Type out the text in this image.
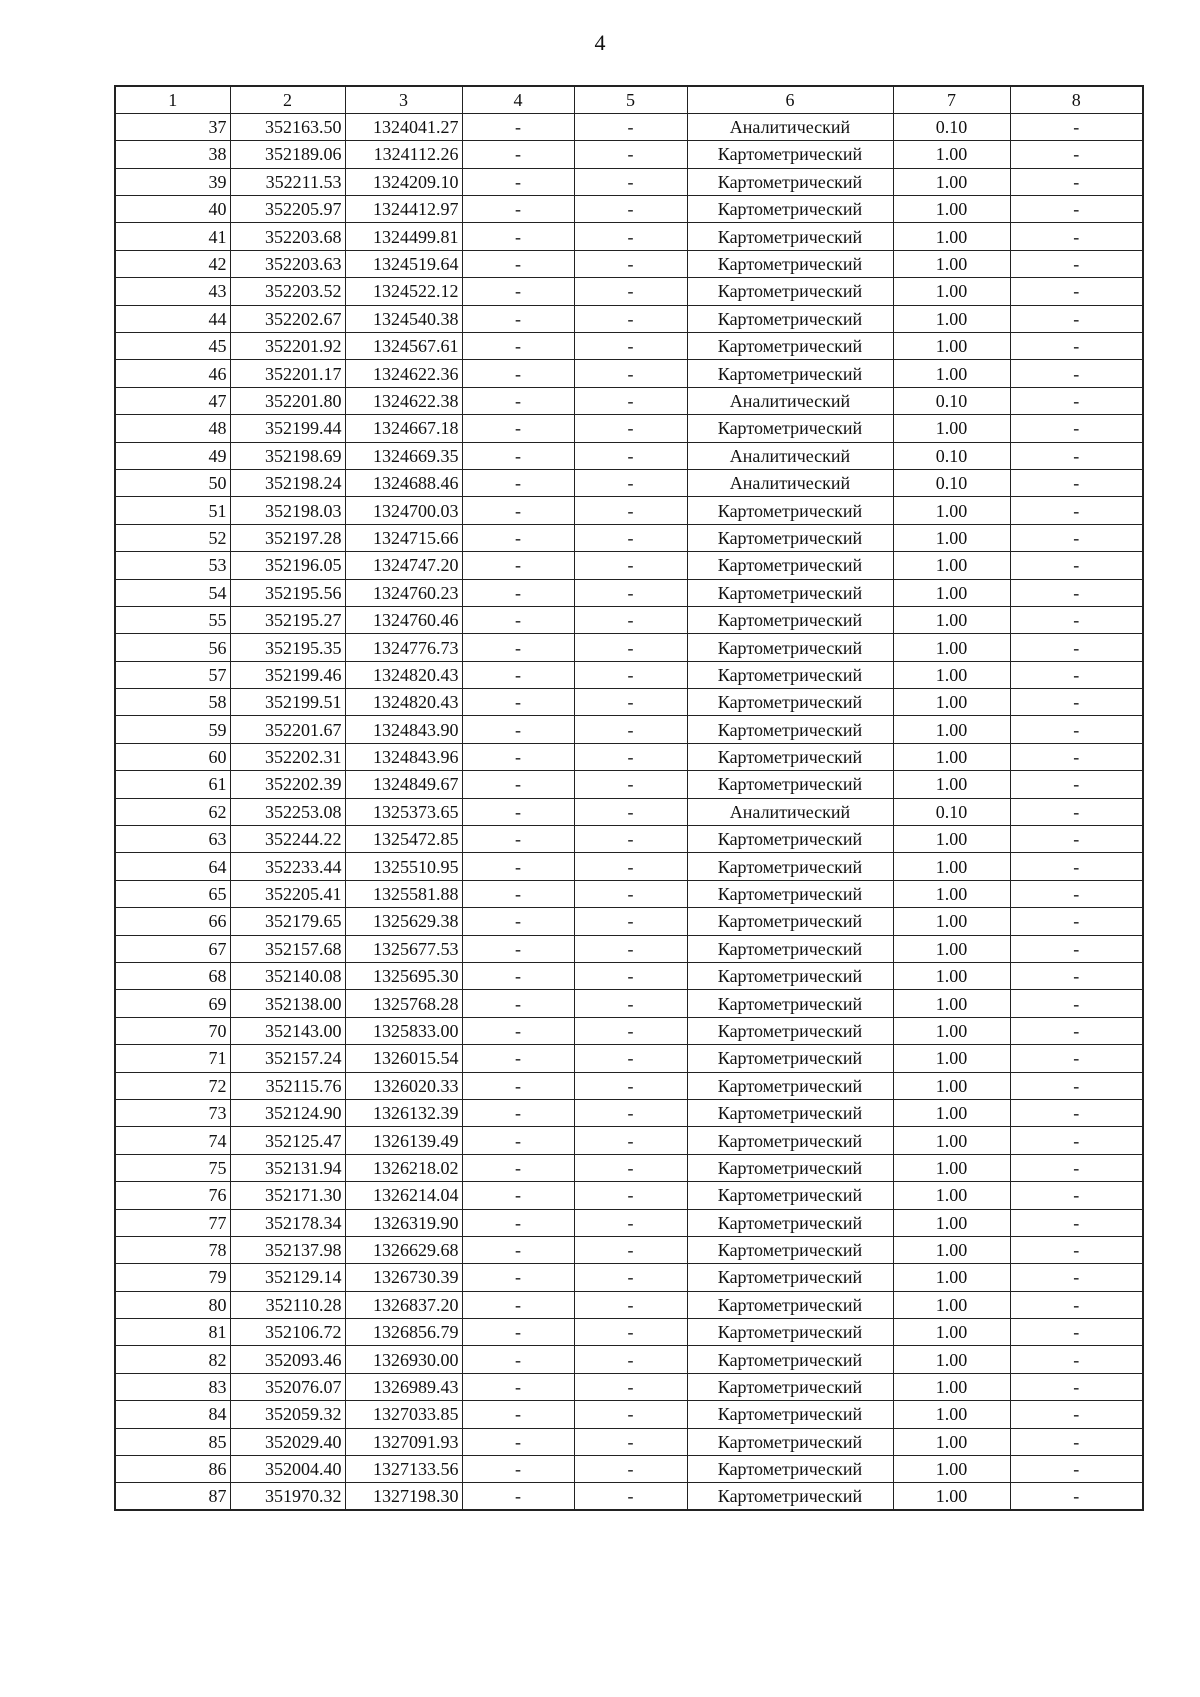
4
1	2	3	4	5	6	7	8
37	352163.50	1324041.27	-	-	Аналитический	0.10	-
38	352189.06	1324112.26	-	-	Картометрический	1.00	-
39	352211.53	1324209.10	-	-	Картометрический	1.00	-
40	352205.97	1324412.97	-	-	Картометрический	1.00	-
41	352203.68	1324499.81	-	-	Картометрический	1.00	-
42	352203.63	1324519.64	-	-	Картометрический	1.00	-
43	352203.52	1324522.12	-	-	Картометрический	1.00	-
44	352202.67	1324540.38	-	-	Картометрический	1.00	-
45	352201.92	1324567.61	-	-	Картометрический	1.00	-
46	352201.17	1324622.36	-	-	Картометрический	1.00	-
47	352201.80	1324622.38	-	-	Аналитический	0.10	-
48	352199.44	1324667.18	-	-	Картометрический	1.00	-
49	352198.69	1324669.35	-	-	Аналитический	0.10	-
50	352198.24	1324688.46	-	-	Аналитический	0.10	-
51	352198.03	1324700.03	-	-	Картометрический	1.00	-
52	352197.28	1324715.66	-	-	Картометрический	1.00	-
53	352196.05	1324747.20	-	-	Картометрический	1.00	-
54	352195.56	1324760.23	-	-	Картометрический	1.00	-
55	352195.27	1324760.46	-	-	Картометрический	1.00	-
56	352195.35	1324776.73	-	-	Картометрический	1.00	-
57	352199.46	1324820.43	-	-	Картометрический	1.00	-
58	352199.51	1324820.43	-	-	Картометрический	1.00	-
59	352201.67	1324843.90	-	-	Картометрический	1.00	-
60	352202.31	1324843.96	-	-	Картометрический	1.00	-
61	352202.39	1324849.67	-	-	Картометрический	1.00	-
62	352253.08	1325373.65	-	-	Аналитический	0.10	-
63	352244.22	1325472.85	-	-	Картометрический	1.00	-
64	352233.44	1325510.95	-	-	Картометрический	1.00	-
65	352205.41	1325581.88	-	-	Картометрический	1.00	-
66	352179.65	1325629.38	-	-	Картометрический	1.00	-
67	352157.68	1325677.53	-	-	Картометрический	1.00	-
68	352140.08	1325695.30	-	-	Картометрический	1.00	-
69	352138.00	1325768.28	-	-	Картометрический	1.00	-
70	352143.00	1325833.00	-	-	Картометрический	1.00	-
71	352157.24	1326015.54	-	-	Картометрический	1.00	-
72	352115.76	1326020.33	-	-	Картометрический	1.00	-
73	352124.90	1326132.39	-	-	Картометрический	1.00	-
74	352125.47	1326139.49	-	-	Картометрический	1.00	-
75	352131.94	1326218.02	-	-	Картометрический	1.00	-
76	352171.30	1326214.04	-	-	Картометрический	1.00	-
77	352178.34	1326319.90	-	-	Картометрический	1.00	-
78	352137.98	1326629.68	-	-	Картометрический	1.00	-
79	352129.14	1326730.39	-	-	Картометрический	1.00	-
80	352110.28	1326837.20	-	-	Картометрический	1.00	-
81	352106.72	1326856.79	-	-	Картометрический	1.00	-
82	352093.46	1326930.00	-	-	Картометрический	1.00	-
83	352076.07	1326989.43	-	-	Картометрический	1.00	-
84	352059.32	1327033.85	-	-	Картометрический	1.00	-
85	352029.40	1327091.93	-	-	Картометрический	1.00	-
86	352004.40	1327133.56	-	-	Картометрический	1.00	-
87	351970.32	1327198.30	-	-	Картометрический	1.00	-
